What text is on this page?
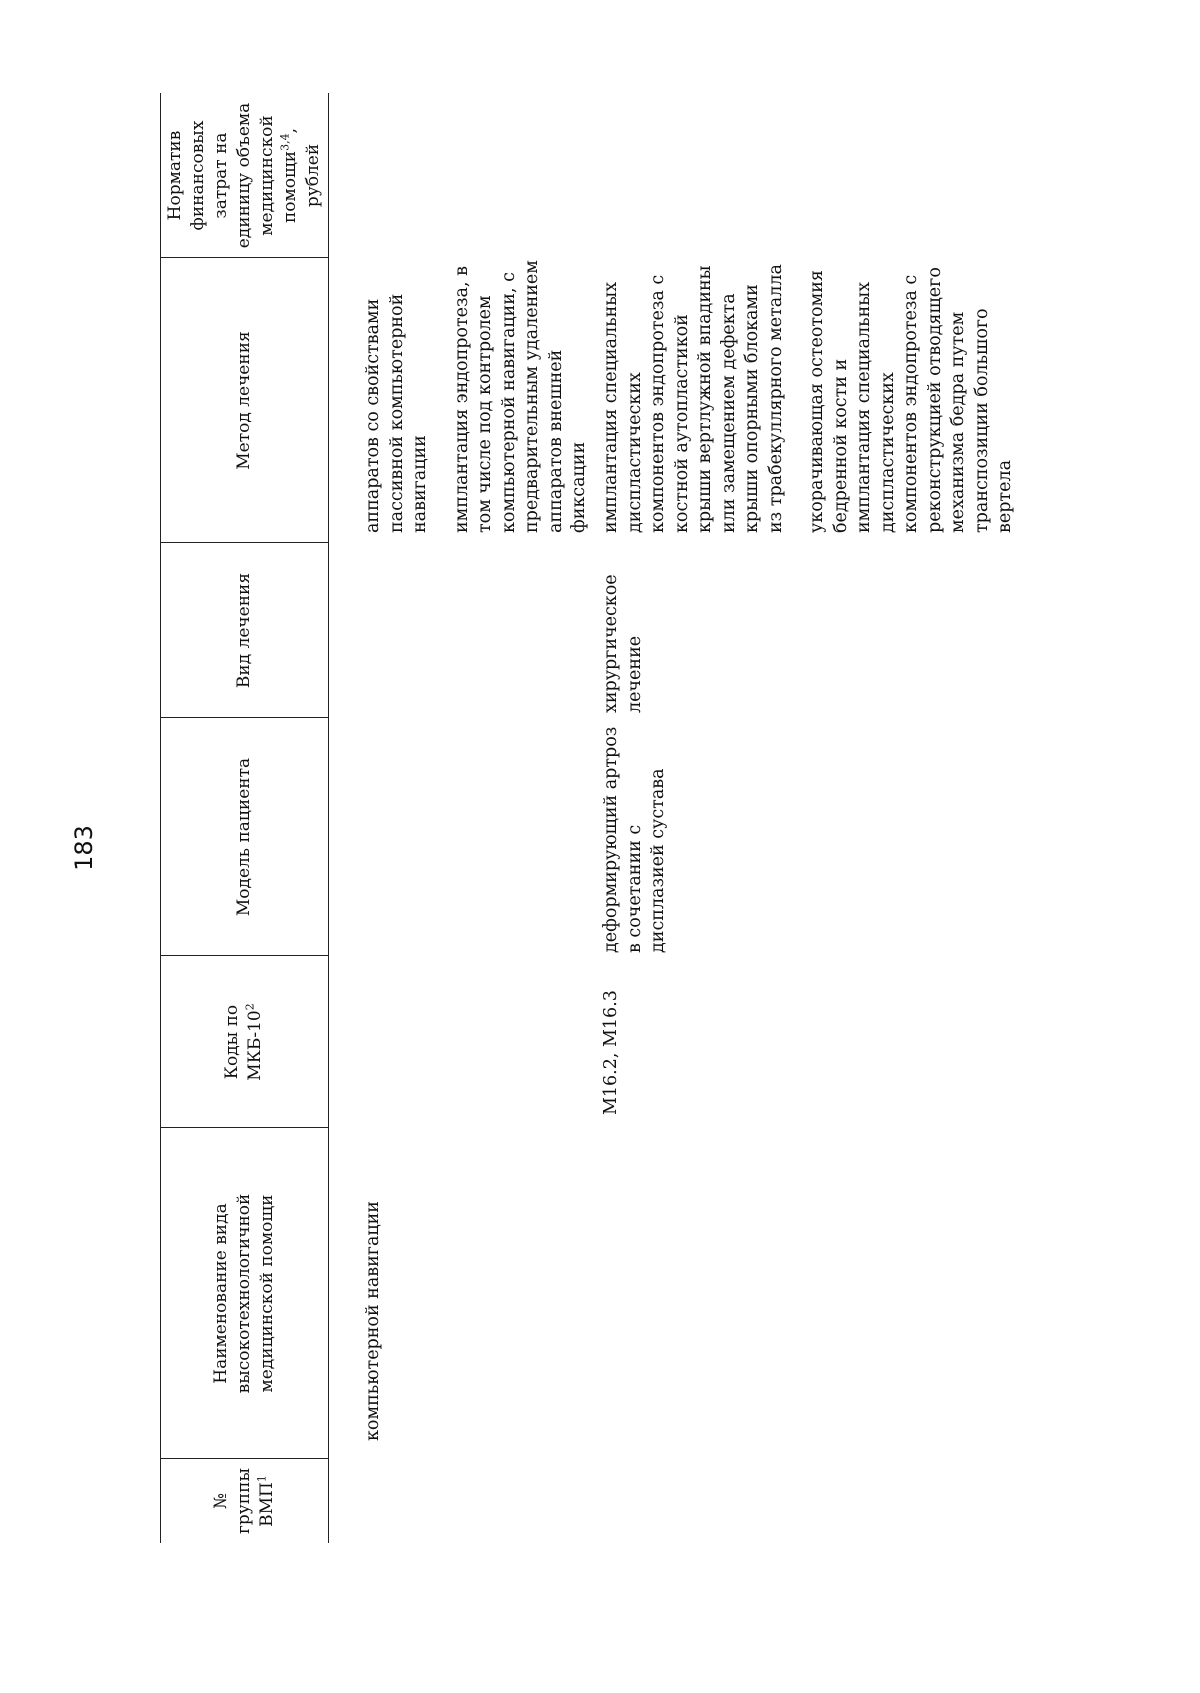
183
№ группы ВМП$^1$
Наименование вида высокотехнологичной медицинской помощи
Коды по МКБ-$10^2$
Модель пациента
Вид лечения
Метод лечения
Норматив финансовых затрат на единицу объема медицинской помощи$^{3,4}$, рублей
компьютерной навигации

аппаратов со свойствами пассивной компьютерной навигации имплантация эндопротеза, в том числе под контролем компьютерной навигации, с предварительным удалением аппаратов внешней фиксации

M16.2, M16.3
деформирующий артроз в сочетании с дисплазией сустава
хирургическое лечение

имплантация специальных диспластических компонентов эндопротеза с костной аутопластикой крыши вертлужной впадины или замещением дефекта крыши опорными блоками из трабекуллярного металла укорачивающая остеотомия бедренной кости и имплантация специальных диспластических компонентов эндопротеза с реконструкцией отводящего механизма бедра путем транспозиции большого вертела
